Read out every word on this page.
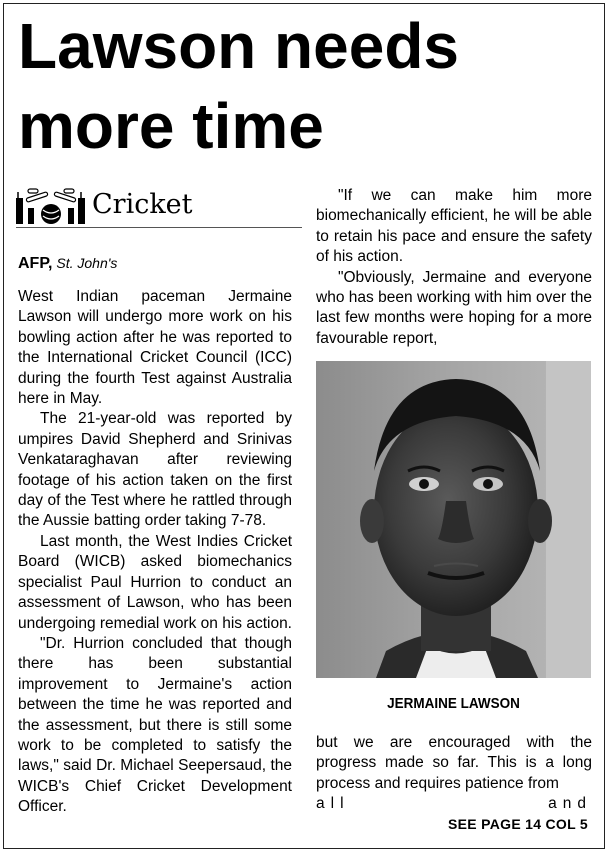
Lawson needs
more time
Cricket
AFP, St. John's

West Indian paceman Jermaine Lawson will undergo more work on his bowling action after he was reported to the International Cricket Council (ICC) during the fourth Test against Australia here in May.

The 21-year-old was reported by umpires David Shepherd and Srinivas Venkataraghavan after reviewing footage of his action taken on the first day of the Test where he rattled through the Aussie batting order taking 7-78.

Last month, the West Indies Cricket Board (WICB) asked biomechanics specialist Paul Hurrion to conduct an assessment of Lawson, who has been undergoing remedial work on his action.

"Dr. Hurrion concluded that though there has been substantial improvement to Jermaine's action between the time he was reported and the assessment, but there is still some work to be completed to satisfy the laws," said Dr. Michael Seepersaud, the WICB's Chief Cricket Development Officer.

"If we can make him more biomechanically efficient, he will be able to retain his pace and ensure the safety of his action.

"Obviously, Jermaine and everyone who has been working with him over the last few months were hoping for a more favourable report,

JERMAINE LAWSON

but we are encouraged with the progress made so far. This is a long process and requires patience from

all	and
SEE PAGE 14 COL 5
